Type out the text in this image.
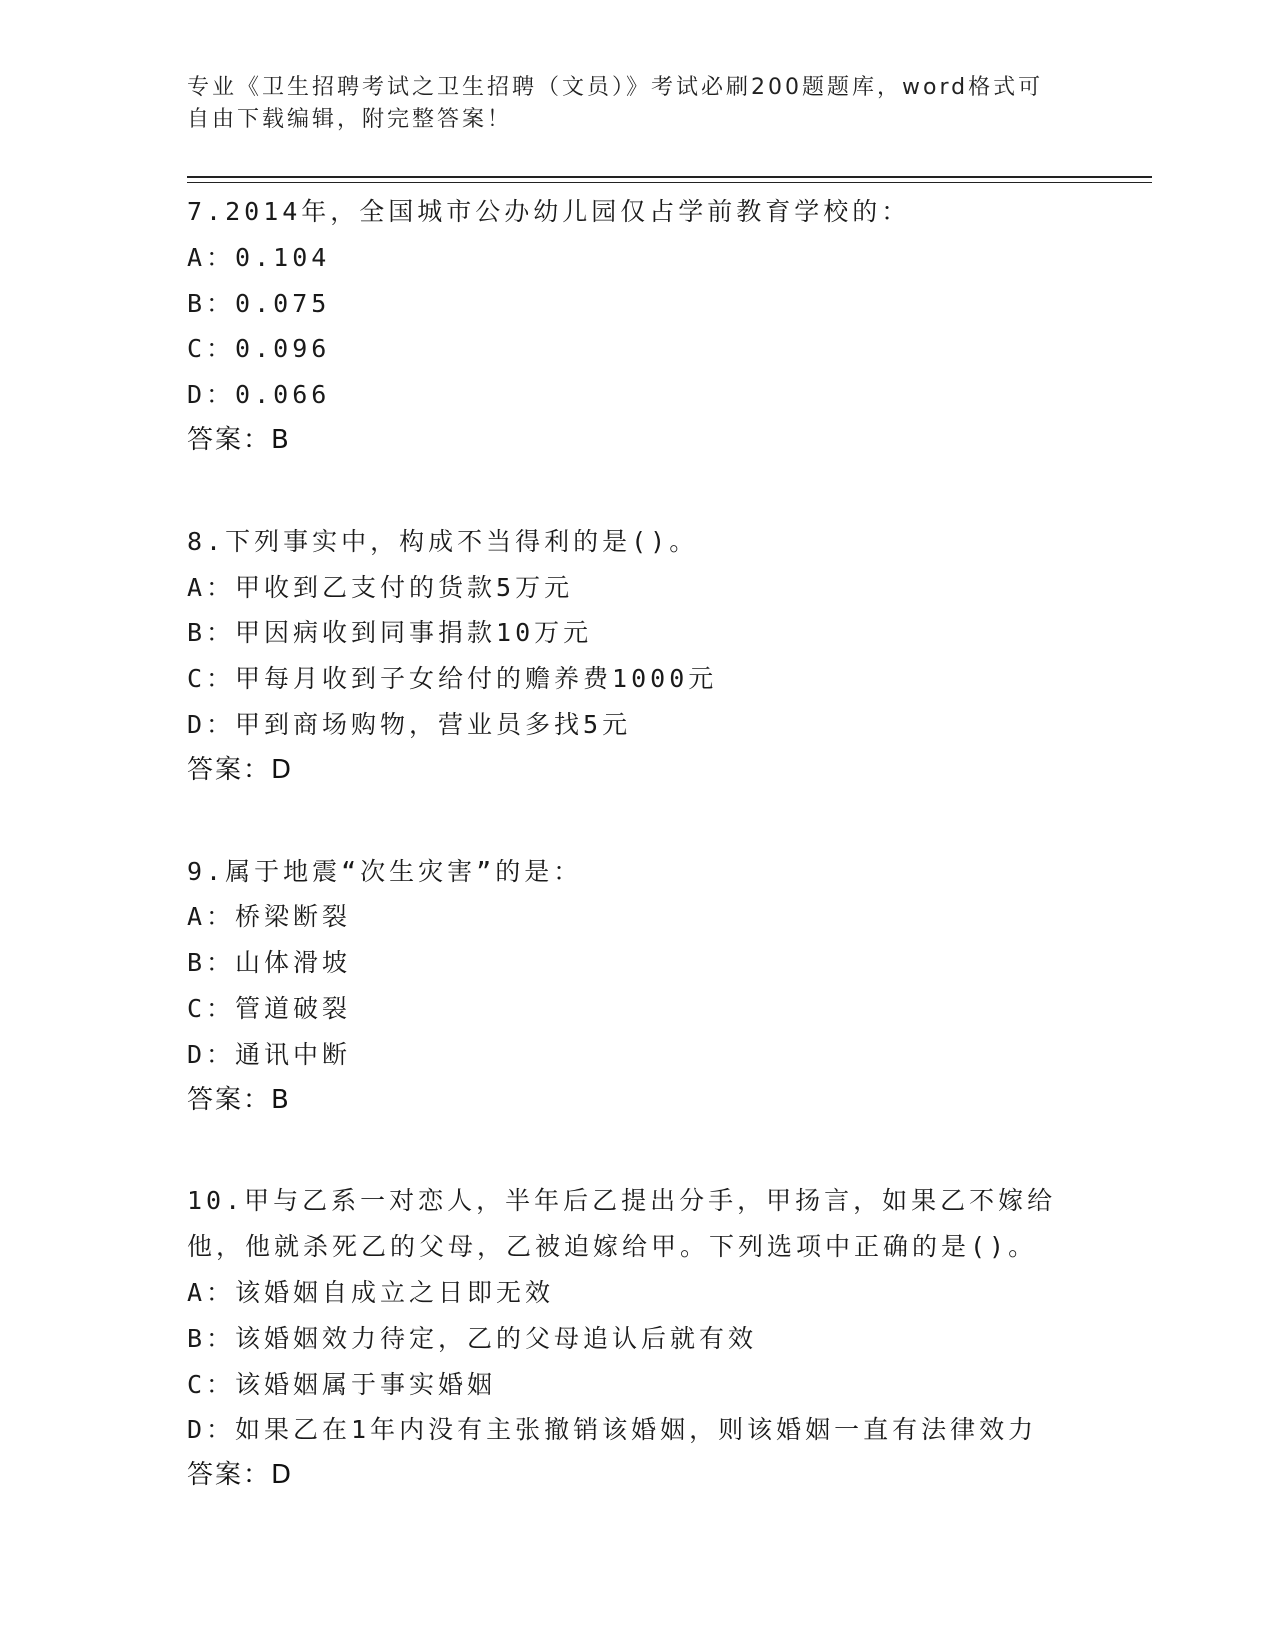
专业《卫生招聘考试之卫生招聘（文员）》考试必刷200题题库，word格式可自由下载编辑，附完整答案！
7.2014年，全国城市公办幼儿园仅占学前教育学校的：
A：0.104
B：0.075
C：0.096
D：0.066
答案：B
8.下列事实中，构成不当得利的是()。
A：甲收到乙支付的货款5万元
B：甲因病收到同事捐款10万元
C：甲每月收到子女给付的赡养费1000元
D：甲到商场购物，营业员多找5元
答案：D
9.属于地震“次生灾害”的是：
A：桥梁断裂
B：山体滑坡
C：管道破裂
D：通讯中断
答案：B
10.甲与乙系一对恋人，半年后乙提出分手，甲扬言，如果乙不嫁给他，他就杀死乙的父母，乙被迫嫁给甲。下列选项中正确的是()。
A：该婚姻自成立之日即无效
B：该婚姻效力待定，乙的父母追认后就有效
C：该婚姻属于事实婚姻
D：如果乙在1年内没有主张撤销该婚姻，则该婚姻一直有法律效力
答案：D
